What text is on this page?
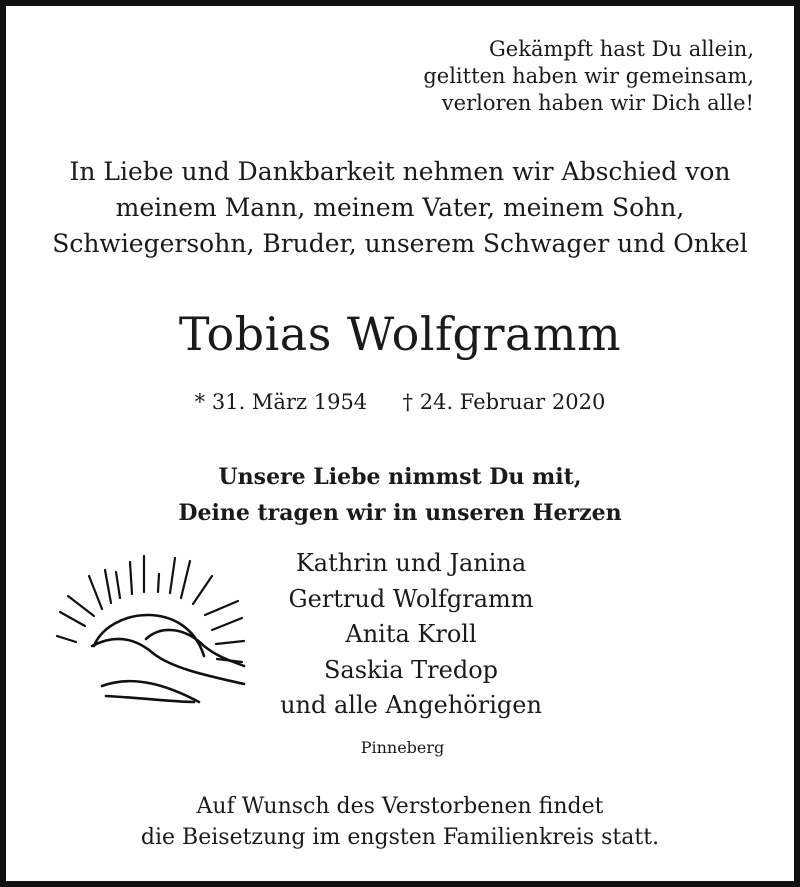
Gekämpft hast Du allein,
gelitten haben wir gemeinsam,
verloren haben wir Dich alle!
In Liebe und Dankbarkeit nehmen wir Abschied von
meinem Mann, meinem Vater, meinem Sohn,
Schwiegersohn, Bruder, unserem Schwager und Onkel
Tobias Wolfgramm
* 31. März 1954 † 24. Februar 2020
Unsere Liebe nimmst Du mit,
Deine tragen wir in unseren Herzen
Kathrin und Janina
Gertrud Wolfgramm
Anita Kroll
Saskia Tredop
und alle Angehörigen
Pinneberg
Auf Wunsch des Verstorbenen findet
die Beisetzung im engsten Familienkreis statt.
